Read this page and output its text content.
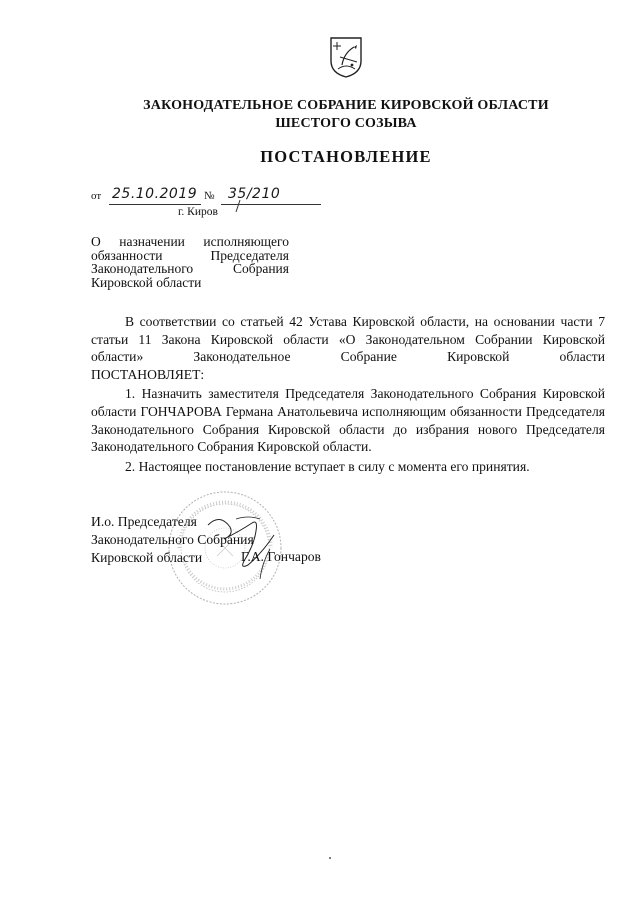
ЗАКОНОДАТЕЛЬНОЕ СОБРАНИЕ КИРОВСКОЙ ОБЛАСТИ
ШЕСТОГО СОЗЫВА
ПОСТАНОВЛЕНИЕ
от 25.10.2019 № 35/210
г. Киров
О назначении исполняющего
обязанности Председателя
Законодательного Собрания
Кировской области

В соответствии со статьей 42 Устава Кировской области, на основании части 7 статьи 11 Закона Кировской области «О Законодательном Собрании Кировской области» Законодательное Собрание Кировской области

ПОСТАНОВЛЯЕТ:

1. Назначить заместителя Председателя Законодательного Собрания Кировской области ГОНЧАРОВА Германа Анатольевича исполняющим обязанности Председателя Законодательного Собрания Кировской области до избрания нового Председателя Законодательного Собрания Кировской области.

2. Настоящее постановление вступает в силу с момента его принятия.

И.о. Председателя
Законодательного Собрания
Кировской области	Г.А. Гончаров
